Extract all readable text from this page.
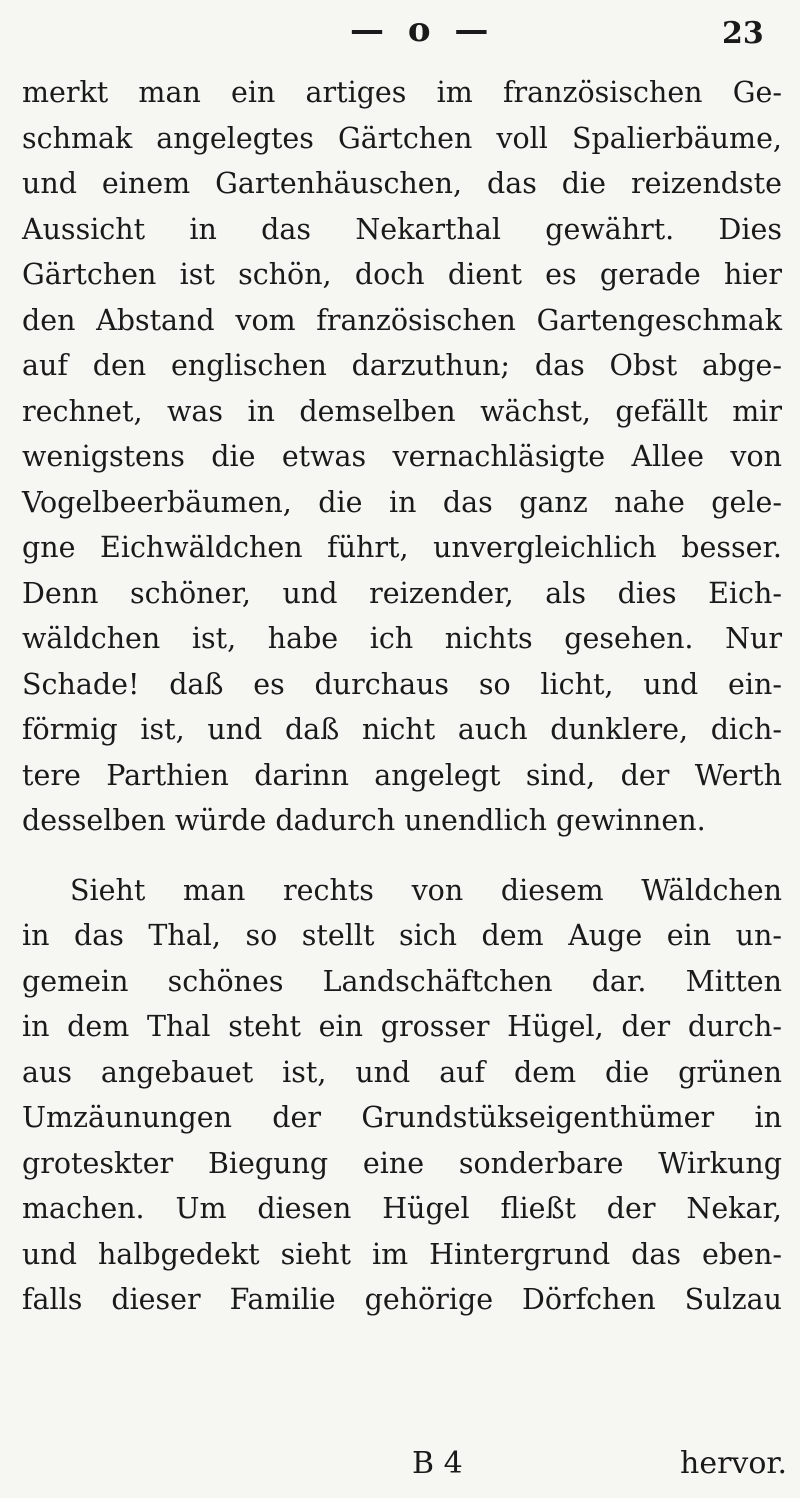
— o —	23
merkt man ein artiges im französischen Ge-
schmak angelegtes Gärtchen voll Spalierbäume,
und einem Gartenhäuschen, das die reizendste
Aussicht in das Nekarthal gewährt. Dies
Gärtchen ist schön, doch dient es gerade hier
den Abstand vom französischen Gartengeschmak
auf den englischen darzuthun; das Obst abge-
rechnet, was in demselben wächst, gefällt mir
wenigstens die etwas vernachläsigte Allee von
Vogelbeerbäumen, die in das ganz nahe gele-
gne Eichwäldchen führt, unvergleichlich besser.
Denn schöner, und reizender, als dies Eich-
wäldchen ist, habe ich nichts gesehen. Nur
Schade! daß es durchaus so licht, und ein-
förmig ist, und daß nicht auch dunklere, dich-
tere Parthien darinn angelegt sind, der Werth
desselben würde dadurch unendlich gewinnen.
Sieht man rechts von diesem Wäldchen
in das Thal, so stellt sich dem Auge ein un-
gemein schönes Landschäftchen dar. Mitten
in dem Thal steht ein grosser Hügel, der durch-
aus angebauet ist, und auf dem die grünen
Umzäunungen der Grundstükseigenthümer in
groteskter Biegung eine sonderbare Wirkung
machen. Um diesen Hügel fließt der Nekar,
und halbgedekt sieht im Hintergrund das eben-
falls dieser Familie gehörige Dörfchen Sulzau
B 4	hervor.
